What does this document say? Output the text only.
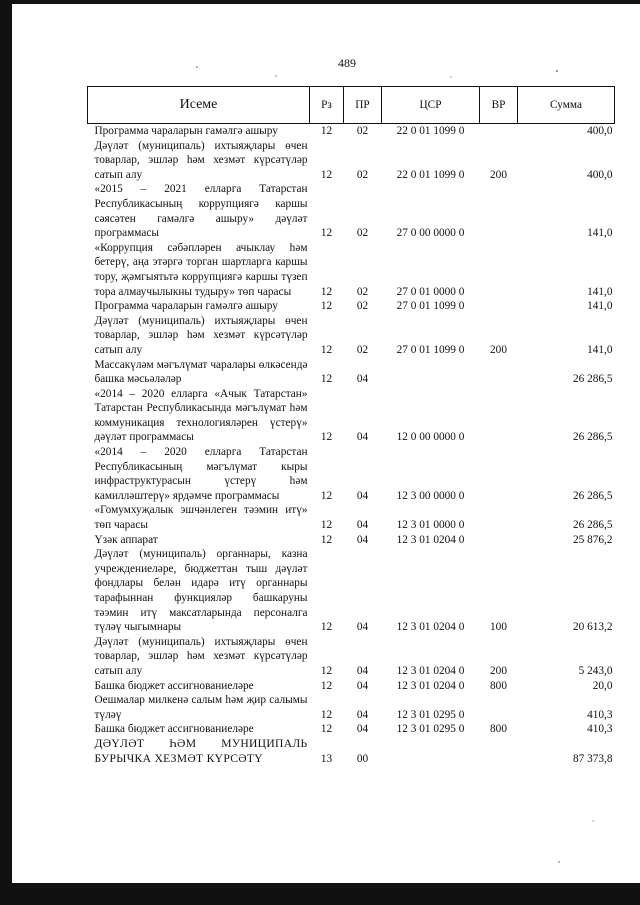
489
Исеме	Рз	ПР	ЦСР	ВР	Сумма
Программа чараларын гамәлгә ашыру	12	02	22 0 01 1099 0		400,0
Дәүләт (муниципаль) ихтыяҗлары өчен товарлар, эшләр һәм хезмәт күрсәтүләр сатып алу	12	02	22 0 01 1099 0	200	400,0
«2015 – 2021 елларга Татарстан Республикасының коррупциягә каршы сәясәтен гамәлгә ашыру» дәүләт программасы	12	02	27 0 00 0000 0		141,0
«Коррупция сәбәпләрен ачыклау һәм бетерү, аңа этәргә торган шартларга каршы тору, җәмгыятьтә коррупциягә каршы түзеп тора алмаучылыкны тудыру» төп чарасы	12	02	27 0 01 0000 0		141,0
Программа чараларын гамәлгә ашыру	12	02	27 0 01 1099 0		141,0
Дәүләт (муниципаль) ихтыяҗлары өчен товарлар, эшләр һәм хезмәт күрсәтүләр сатып алу	12	02	27 0 01 1099 0	200	141,0
Массакүләм мәгълүмат чаралары өлкәсендә башка мәсьәләләр	12	04			26 286,5
«2014 – 2020 елларга «Ачык Татарстан» Татарстан Республикасында мәгълүмат һәм коммуникация технологияләрен үстерү» дәүләт программасы	12	04	12 0 00 0000 0		26 286,5
«2014 – 2020 елларга Татарстан Республикасының мәгълүмат кыры инфраструктурасын үстерү һәм камилләштерү» ярдәмче программасы	12	04	12 3 00 0000 0		26 286,5
«Гомумхуҗалык эшчәнлеген тәэмин итү» төп чарасы	12	04	12 3 01 0000 0		26 286,5
Үзәк аппарат	12	04	12 3 01 0204 0		25 876,2
Дәүләт (муниципаль) органнары, казна учреждениеләре, бюджеттан тыш дәүләт фондлары белән идарә итү органнары тарафыннан функцияләр башкаруны тәэмин итү максатларында персоналга түләү чыгымнары	12	04	12 3 01 0204 0	100	20 613,2
Дәүләт (муниципаль) ихтыяҗлары өчен товарлар, эшләр һәм хезмәт күрсәтүләр сатып алу	12	04	12 3 01 0204 0	200	5 243,0
Башка бюджет ассигнованиеләре	12	04	12 3 01 0204 0	800	20,0
Оешмалар милкенә салым һәм җир салымы түләү	12	04	12 3 01 0295 0		410,3
Башка бюджет ассигнованиеләре	12	04	12 3 01 0295 0	800	410,3
ДӘҮЛӘТ ҺӘМ МУНИЦИПАЛЬ БУРЫЧКА ХЕЗМӘТ КҮРСӘТҮ	13	00			87 373,8
